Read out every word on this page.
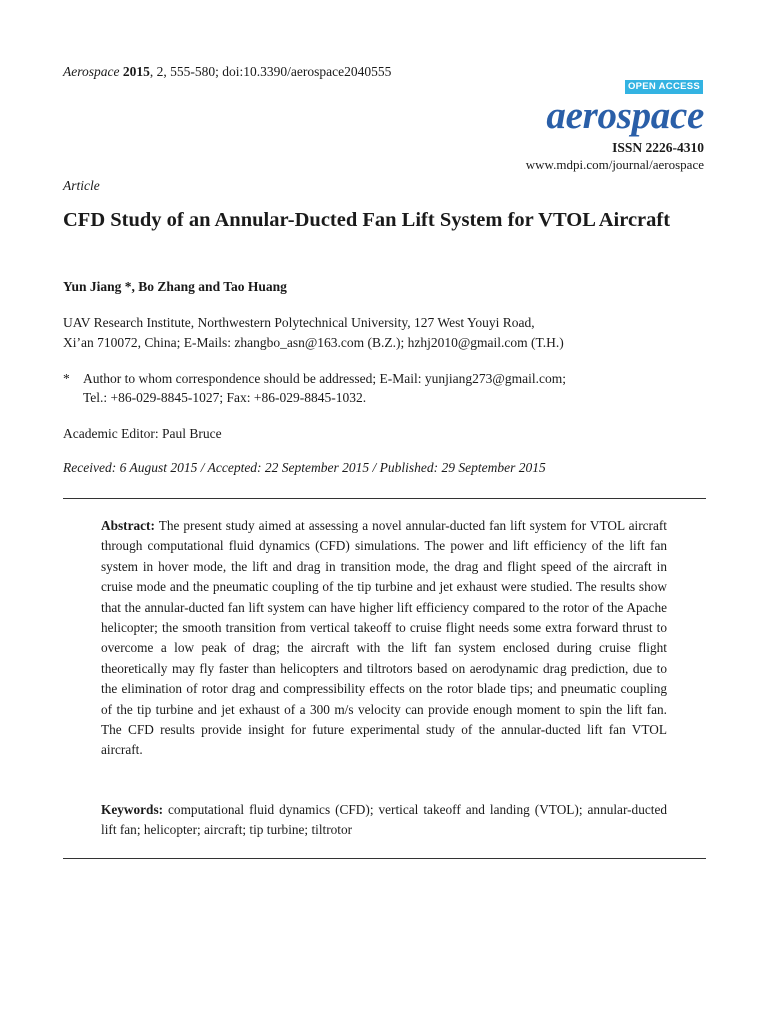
Aerospace 2015, 2, 555-580; doi:10.3390/aerospace2040555
OPEN ACCESS
aerospace
ISSN 2226-4310
www.mdpi.com/journal/aerospace
Article
CFD Study of an Annular-Ducted Fan Lift System for VTOL Aircraft
Yun Jiang *, Bo Zhang and Tao Huang
UAV Research Institute, Northwestern Polytechnical University, 127 West Youyi Road,
Xi’an 710072, China; E-Mails: zhangbo_asn@163.com (B.Z.); hzhj2010@gmail.com (T.H.)
* Author to whom correspondence should be addressed; E-Mail: yunjiang273@gmail.com;
Tel.: +86-029-8845-1027; Fax: +86-029-8845-1032.
Academic Editor: Paul Bruce
Received: 6 August 2015 / Accepted: 22 September 2015 / Published: 29 September 2015
Abstract: The present study aimed at assessing a novel annular-ducted fan lift system for VTOL aircraft through computational fluid dynamics (CFD) simulations. The power and lift efficiency of the lift fan system in hover mode, the lift and drag in transition mode, the drag and flight speed of the aircraft in cruise mode and the pneumatic coupling of the tip turbine and jet exhaust were studied. The results show that the annular-ducted fan lift system can have higher lift efficiency compared to the rotor of the Apache helicopter; the smooth transition from vertical takeoff to cruise flight needs some extra forward thrust to overcome a low peak of drag; the aircraft with the lift fan system enclosed during cruise flight theoretically may fly faster than helicopters and tiltrotors based on aerodynamic drag prediction, due to the elimination of rotor drag and compressibility effects on the rotor blade tips; and pneumatic coupling of the tip turbine and jet exhaust of a 300 m/s velocity can provide enough moment to spin the lift fan. The CFD results provide insight for future experimental study of the annular-ducted lift fan VTOL aircraft.
Keywords: computational fluid dynamics (CFD); vertical takeoff and landing (VTOL); annular-ducted lift fan; helicopter; aircraft; tip turbine; tiltrotor
